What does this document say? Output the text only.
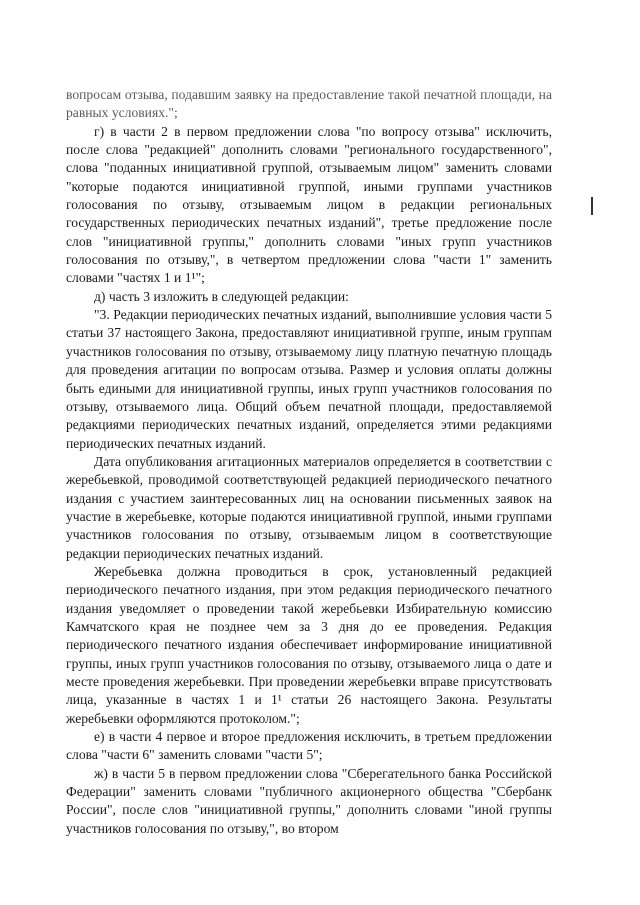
вопросам отзыва, подавшим заявку на предоставление такой печатной площади, на равных условиях.";

г) в части 2 в первом предложении слова "по вопросу отзыва" исключить, после слова "редакцией" дополнить словами "регионального государственного", слова "поданных инициативной группой, отзываемым лицом" заменить словами "которые подаются инициативной группой, иными группами участников голосования по отзыву, отзываемым лицом в редакции региональных государственных периодических печатных изданий", третье предложение после слов "инициативной группы," дополнить словами "иных групп участников голосования по отзыву,", в четвертом предложении слова "части 1" заменить словами "частях 1 и 1¹";

д) часть 3 изложить в следующей редакции:

"3. Редакции периодических печатных изданий, выполнившие условия части 5 статьи 37 настоящего Закона, предоставляют инициативной группе, иным группам участников голосования по отзыву, отзываемому лицу платную печатную площадь для проведения агитации по вопросам отзыва. Размер и условия оплаты должны быть едиными для инициативной группы, иных групп участников голосования по отзыву, отзываемого лица. Общий объем печатной площади, предоставляемой редакциями периодических печатных изданий, определяется этими редакциями периодических печатных изданий.

Дата опубликования агитационных материалов определяется в соответствии с жеребьевкой, проводимой соответствующей редакцией периодического печатного издания с участием заинтересованных лиц на основании письменных заявок на участие в жеребьевке, которые подаются инициативной группой, иными группами участников голосования по отзыву, отзываемым лицом в соответствующие редакции периодических печатных изданий.

Жеребьевка должна проводиться в срок, установленный редакцией периодического печатного издания, при этом редакция периодического печатного издания уведомляет о проведении такой жеребьевки Избирательную комиссию Камчатского края не позднее чем за 3 дня до ее проведения. Редакция периодического печатного издания обеспечивает информирование инициативной группы, иных групп участников голосования по отзыву, отзываемого лица о дате и месте проведения жеребьевки. При проведении жеребьевки вправе присутствовать лица, указанные в частях 1 и 1¹ статьи 26 настоящего Закона. Результаты жеребьевки оформляются протоколом.";

е) в части 4 первое и второе предложения исключить, в третьем предложении слова "части 6" заменить словами "части 5";

ж) в части 5 в первом предложении слова "Сберегательного банка Российской Федерации" заменить словами "публичного акционерного общества "Сбербанк России", после слов "инициативной группы," дополнить словами "иной группы участников голосования по отзыву,", во втором
